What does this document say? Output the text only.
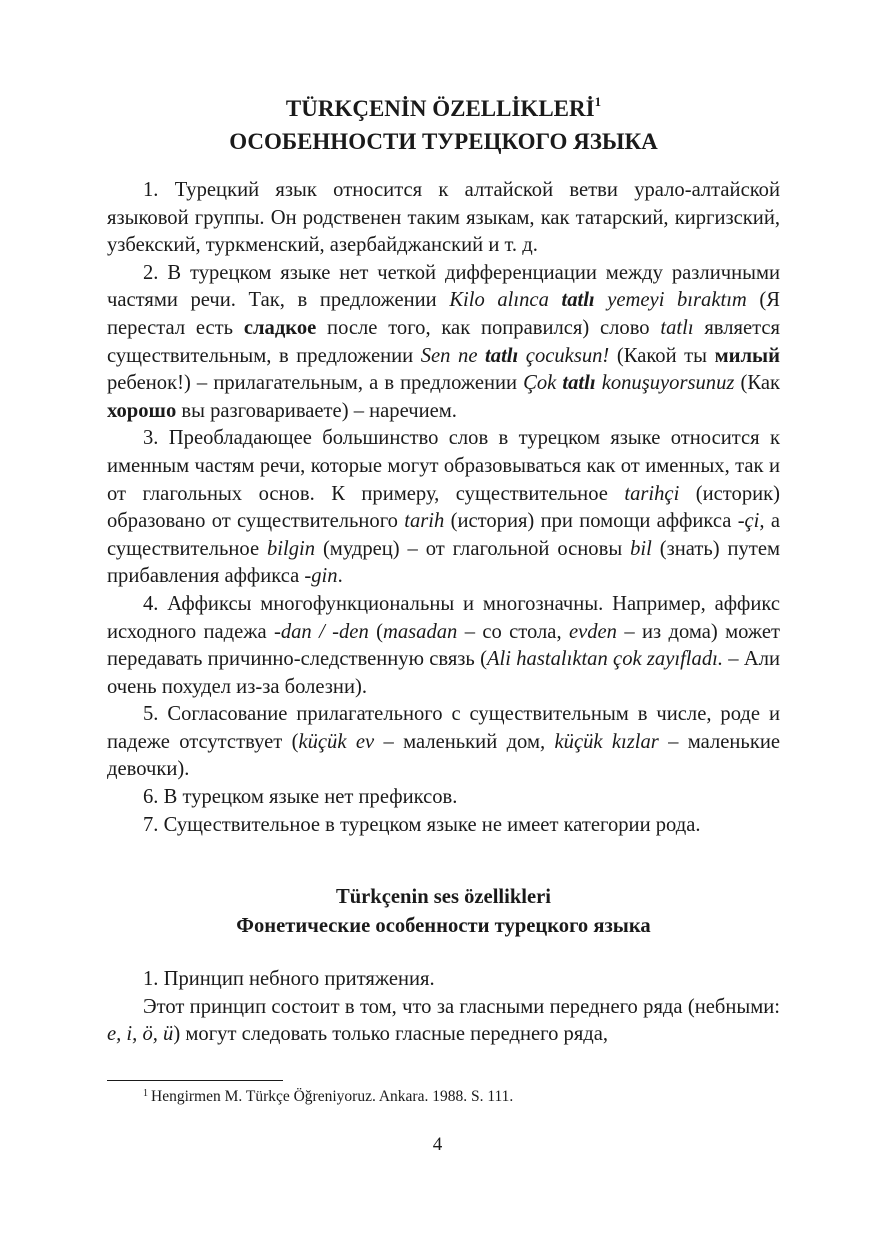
TÜRKÇENİN ÖZELLİKLERİ$^1$
ОСОБЕННОСТИ ТУРЕЦКОГО ЯЗЫКА

1. Турецкий язык относится к алтайской ветви урало-алтайской языковой группы. Он родственен таким языкам, как татарский, киргизский, узбекский, туркменский, азербайджанский и т. д.

2. В турецком языке нет четкой дифференциации между различными частями речи. Так, в предложении Kilo alınca tatlı yemeyi bıraktım (Я перестал есть сладкое после того, как поправился) слово tatlı является существительным, в предложении Sen ne tatlı çocuksun! (Какой ты милый ребенок!) – прилагательным, а в предложении Çok tatlı konuşuyorsunuz (Как хорошо вы разговариваете) – наречием.

3. Преобладающее большинство слов в турецком языке относится к именным частям речи, которые могут образовываться как от именных, так и от глагольных основ. К примеру, существительное tarihçi (историк) образовано от существительного tarih (история) при помощи аффикса -çi, а существительное bilgin (мудрец) – от глагольной основы bil (знать) путем прибавления аффикса -gin.

4. Аффиксы многофункциональны и многозначны. Например, аффикс исходного падежа -dan / -den (masadan – со стола, evden – из дома) может передавать причинно-следственную связь (Ali hastalıktan çok zayıfladı. – Али очень похудел из-за болезни).

5. Согласование прилагательного с существительным в числе, роде и падеже отсутствует (küçük ev – маленький дом, küçük kızlar – маленькие девочки).

6. В турецком языке нет префиксов.

7. Существительное в турецком языке не имеет категории рода.

Türkçenin ses özellikleri
Фонетические особенности турецкого языка

1. Принцип небного притяжения.

Этот принцип состоит в том, что за гласными переднего ряда (небными: e, i, ö, ü) могут следовать только гласные переднего ряда,

$^1$ Hengirmen M. Türkçe Öğreniyoruz. Ankara. 1988. S. 111.
4
